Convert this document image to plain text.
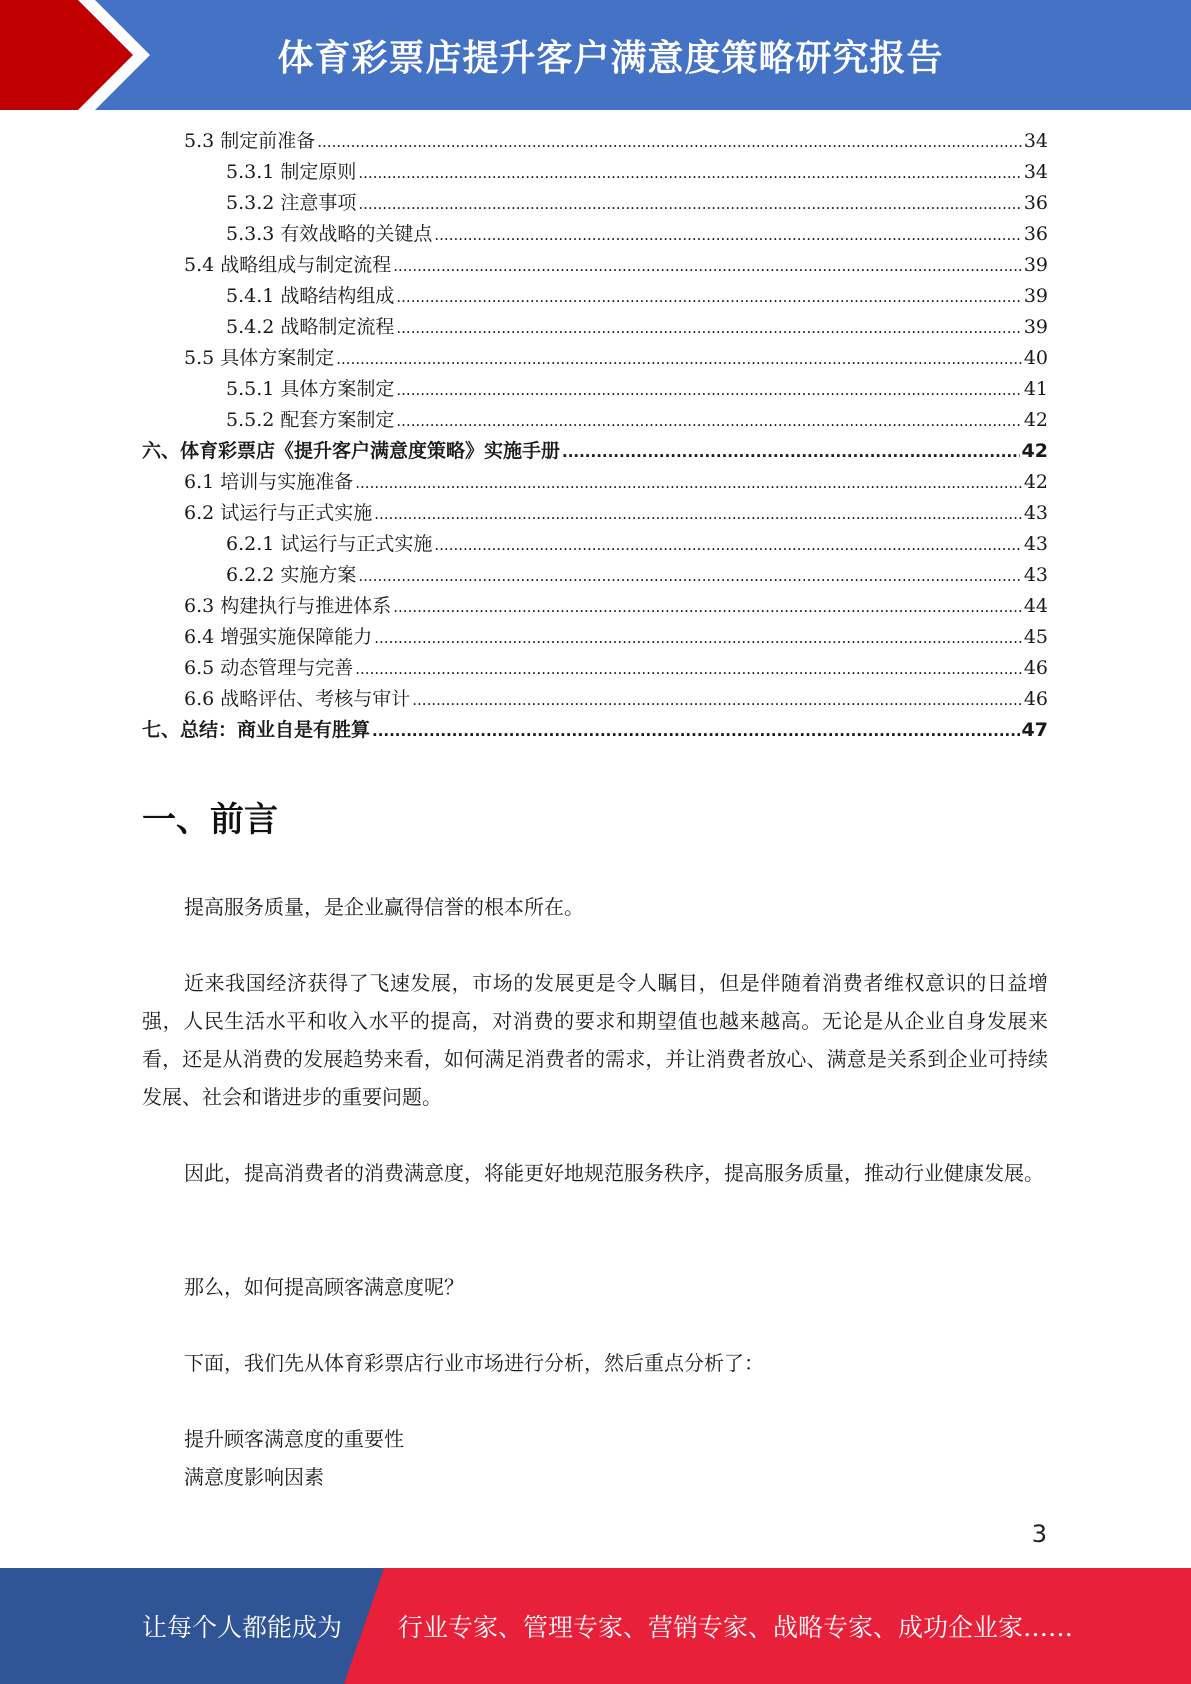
体育彩票店提升客户满意度策略研究报告
5.3 制定前准备 .....	34
5.3.1 制定原则 .....	34
5.3.2 注意事项 .....	36
5.3.3 有效战略的关键点 .....	36
5.4 战略组成与制定流程 .....	39
5.4.1 战略结构组成 .....	39
5.4.2 战略制定流程 .....	39
5.5 具体方案制定 .....	40
5.5.1 具体方案制定 .....	41
5.5.2 配套方案制定 .....	42
六、体育彩票店《提升客户满意度策略》实施手册 .....	42
6.1 培训与实施准备 .....	42
6.2 试运行与正式实施 .....	43
6.2.1 试运行与正式实施 .....	43
6.2.2 实施方案 .....	43
6.3 构建执行与推进体系 .....	44
6.4 增强实施保障能力 .....	45
6.5 动态管理与完善 .....	46
6.6 战略评估、考核与审计 .....	46
七、总结：商业自是有胜算 .....	47
一、前言

提高服务质量，是企业赢得信誉的根本所在。

近来我国经济获得了飞速发展，市场的发展更是令人瞩目，但是伴随着消费者维权意识的日益增强，人民生活水平和收入水平的提高，对消费的要求和期望值也越来越高。无论是从企业自身发展来看，还是从消费的发展趋势来看，如何满足消费者的需求，并让消费者放心、满意是关系到企业可持续发展、社会和谐进步的重要问题。

因此，提高消费者的消费满意度，将能更好地规范服务秩序，提高服务质量，推动行业健康发展。

那么，如何提高顾客满意度呢？

下面，我们先从体育彩票店行业市场进行分析，然后重点分析了：

提升顾客满意度的重要性
满意度影响因素
3
让每个人都能成为 行业专家、管理专家、营销专家、战略专家、成功企业家……
